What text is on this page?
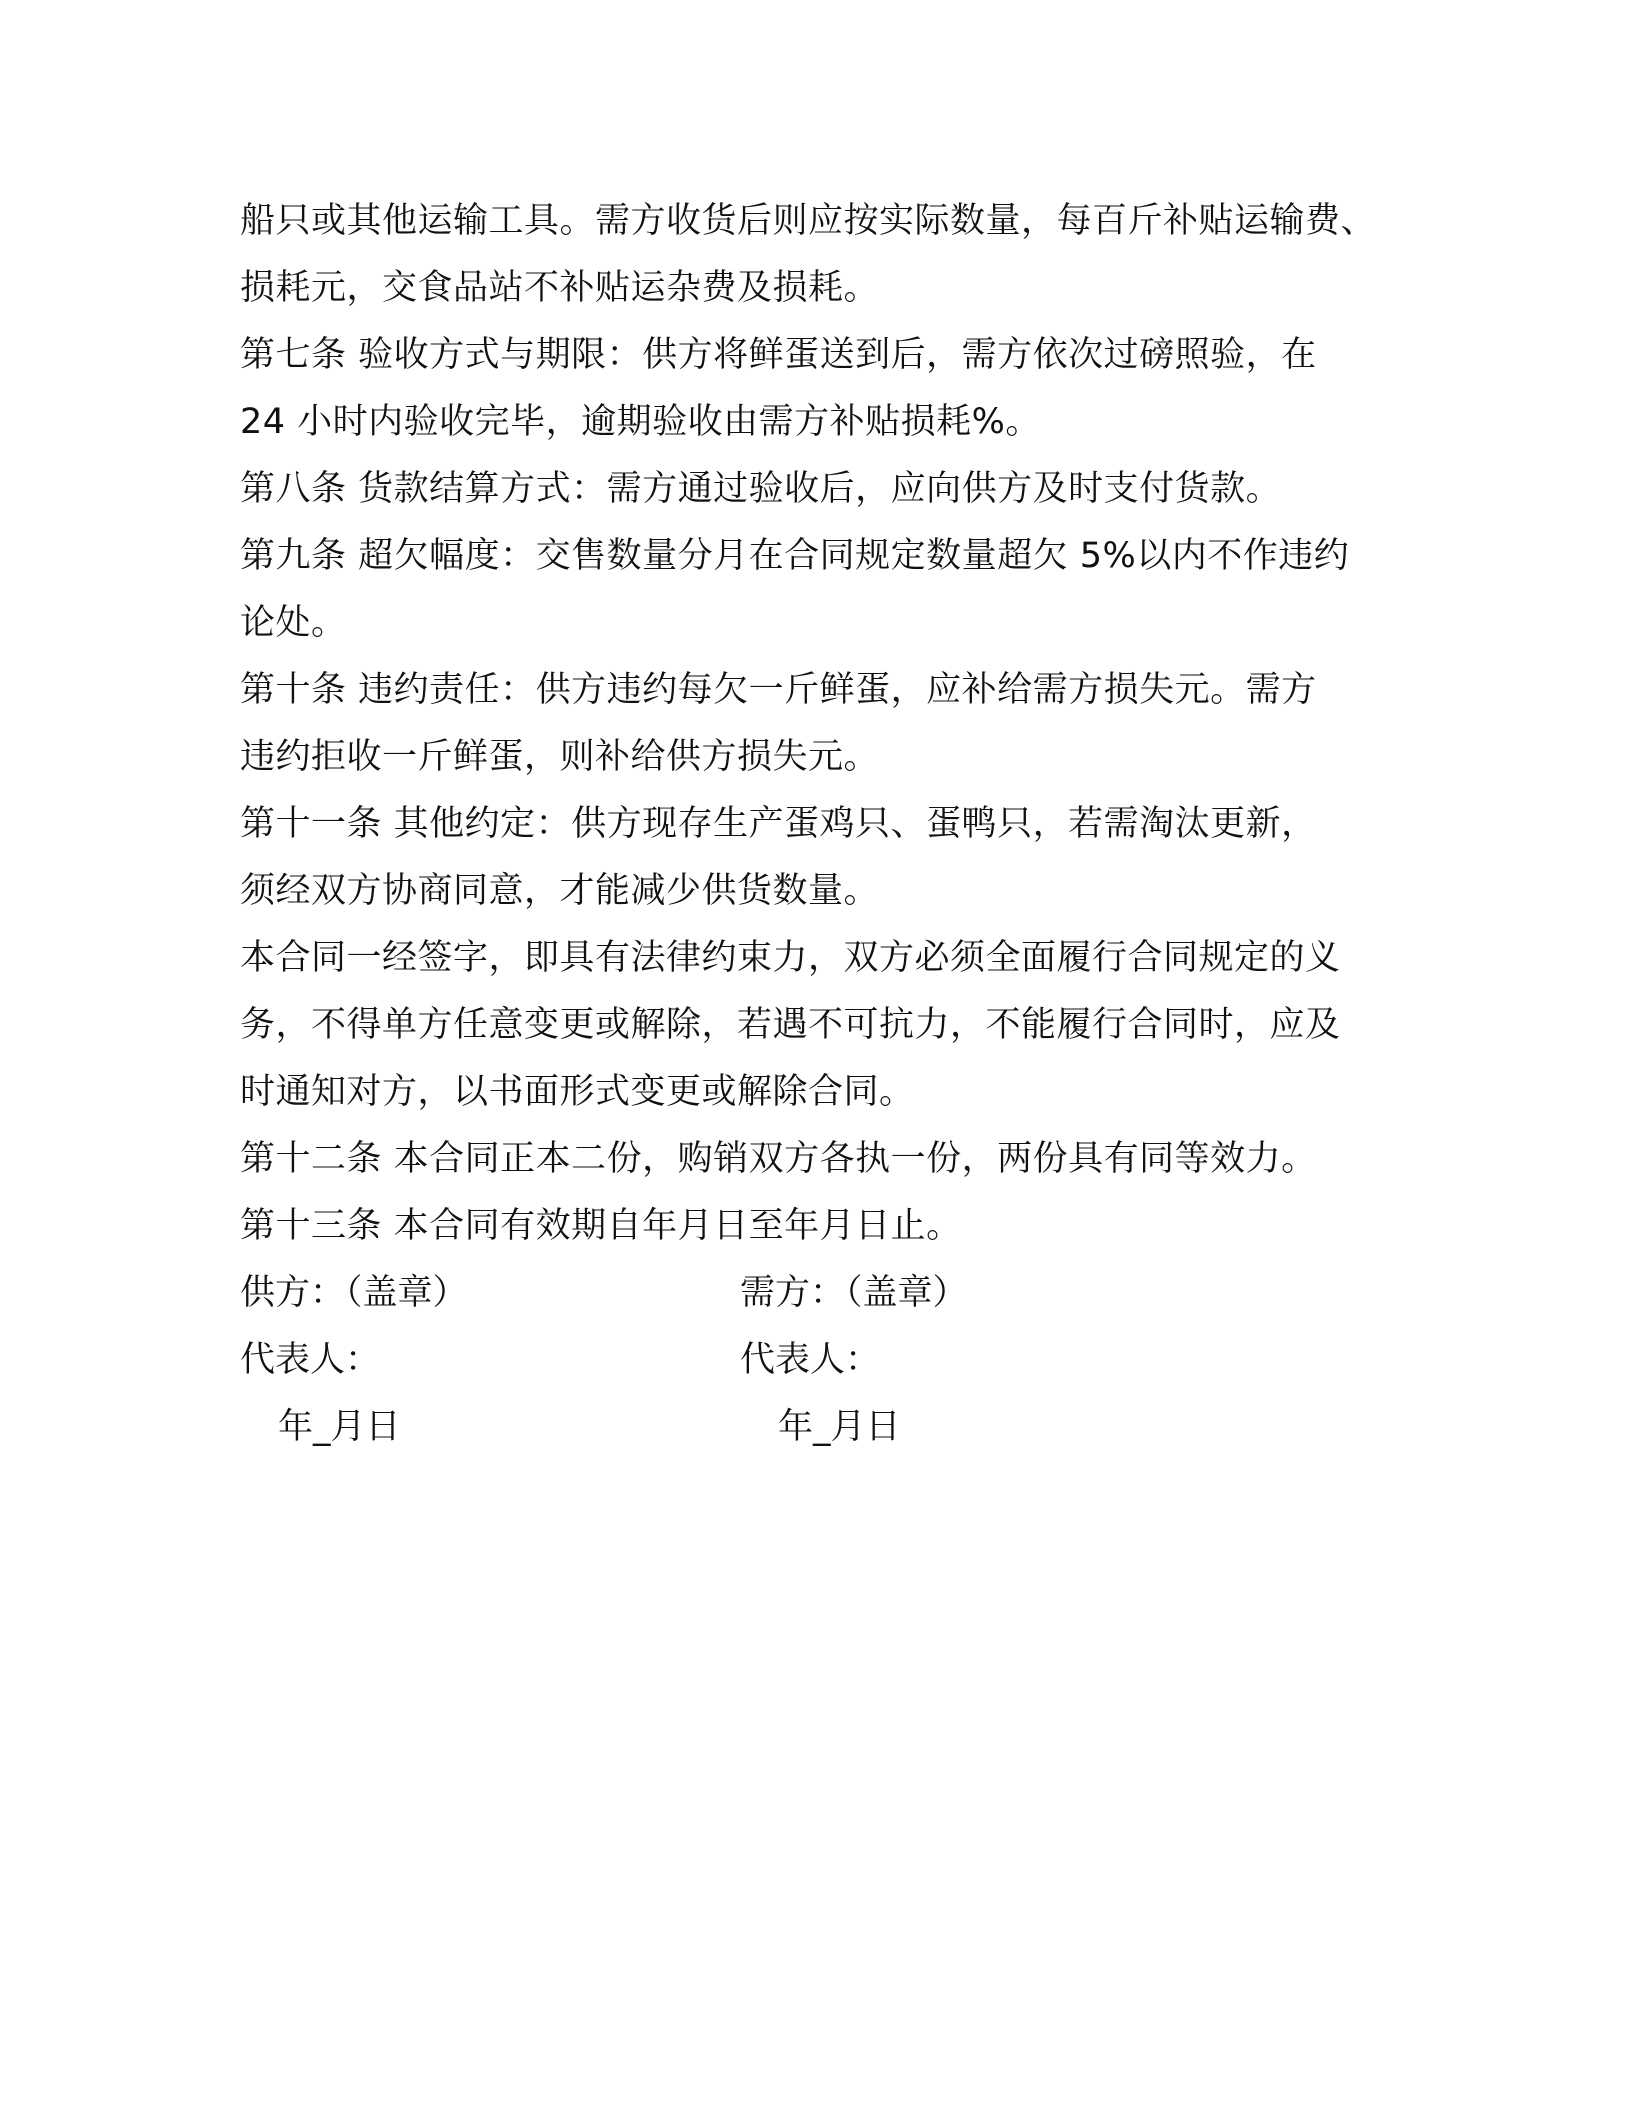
船只或其他运输工具。需方收货后则应按实际数量，每百斤补贴运输费、
损耗元，交食品站不补贴运杂费及损耗。
第七条 验收方式与期限：供方将鲜蛋送到后，需方依次过磅照验，在
24 小时内验收完毕，逾期验收由需方补贴损耗%。
第八条 货款结算方式：需方通过验收后，应向供方及时支付货款。
第九条 超欠幅度：交售数量分月在合同规定数量超欠 5%以内不作违约
论处。
第十条 违约责任：供方违约每欠一斤鲜蛋，应补给需方损失元。需方
违约拒收一斤鲜蛋，则补给供方损失元。
第十一条 其他约定：供方现存生产蛋鸡只、蛋鸭只，若需淘汰更新，
须经双方协商同意，才能减少供货数量。
本合同一经签字，即具有法律约束力，双方必须全面履行合同规定的义
务，不得单方任意变更或解除，若遇不可抗力，不能履行合同时，应及
时通知对方，以书面形式变更或解除合同。
第十二条 本合同正本二份，购销双方各执一份，两份具有同等效力。
第十三条 本合同有效期自年月日至年月日止。
供方：（盖章）	需方：（盖章）
代表人：	代表人：
年_月日	年_月日
